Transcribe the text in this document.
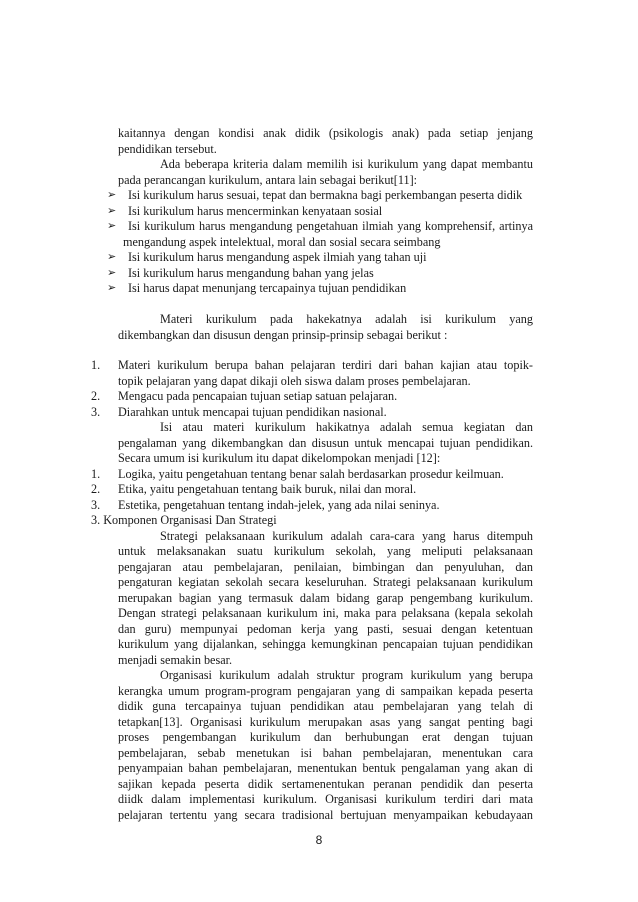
kaitannya dengan kondisi anak didik (psikologis anak) pada setiap jenjang
pendidikan tersebut.
Ada beberapa kriteria dalam memilih isi kurikulum yang dapat membantu
pada perancangan kurikulum, antara lain sebagai berikut[11]:
➢ Isi kurikulum harus sesuai, tepat dan bermakna bagi perkembangan peserta didik
➢ Isi kurikulum harus mencerminkan kenyataan sosial
➢ Isi kurikulum harus mengandung pengetahuan ilmiah yang komprehensif, artinya
mengandung aspek intelektual, moral dan sosial secara seimbang
➢ Isi kurikulum harus mengandung aspek ilmiah yang tahan uji
➢ Isi kurikulum harus mengandung bahan yang jelas
➢ Isi harus dapat menunjang tercapainya tujuan pendidikan
Materi kurikulum pada hakekatnya adalah isi kurikulum yang
dikembangkan dan disusun dengan prinsip-prinsip sebagai berikut :
1. Materi kurikulum berupa bahan pelajaran terdiri dari bahan kajian atau topik-
topik pelajaran yang dapat dikaji oleh siswa dalam proses pembelajaran.
2. Mengacu pada pencapaian tujuan setiap satuan pelajaran.
3. Diarahkan untuk mencapai tujuan pendidikan nasional.
Isi atau materi kurikulum hakikatnya adalah semua kegiatan dan
pengalaman yang dikembangkan dan disusun untuk mencapai tujuan pendidikan.
Secara umum isi kurikulum itu dapat dikelompokan menjadi [12]:
1. Logika, yaitu pengetahuan tentang benar salah berdasarkan prosedur keilmuan.
2. Etika, yaitu pengetahuan tentang baik buruk, nilai dan moral.
3. Estetika, pengetahuan tentang indah-jelek, yang ada nilai seninya.
3. Komponen Organisasi Dan Strategi
Strategi pelaksanaan kurikulum adalah cara-cara yang harus ditempuh
untuk melaksanakan suatu kurikulum sekolah, yang meliputi pelaksanaan
pengajaran atau pembelajaran, penilaian, bimbingan dan penyuluhan, dan
pengaturan kegiatan sekolah secara keseluruhan. Strategi pelaksanaan kurikulum
merupakan bagian yang termasuk dalam bidang garap pengembang kurikulum.
Dengan strategi pelaksanaan kurikulum ini, maka para pelaksana (kepala sekolah
dan guru) mempunyai pedoman kerja yang pasti, sesuai dengan ketentuan
kurikulum yang dijalankan, sehingga kemungkinan pencapaian tujuan pendidikan
menjadi semakin besar.
Organisasi kurikulum adalah struktur program kurikulum yang berupa
kerangka umum program-program pengajaran yang di sampaikan kepada peserta
didik guna tercapainya tujuan pendidikan atau pembelajaran yang telah di
tetapkan[13]. Organisasi kurikulum merupakan asas yang sangat penting bagi
proses pengembangan kurikulum dan berhubungan erat dengan tujuan
pembelajaran, sebab menetukan isi bahan pembelajaran, menentukan cara
penyampaian bahan pembelajaran, menentukan bentuk pengalaman yang akan di
sajikan kepada peserta didik sertamenentukan peranan pendidik dan peserta
diidk dalam implementasi kurikulum. Organisasi kurikulum terdiri dari mata
pelajaran tertentu yang secara tradisional bertujuan menyampaikan kebudayaan
8
